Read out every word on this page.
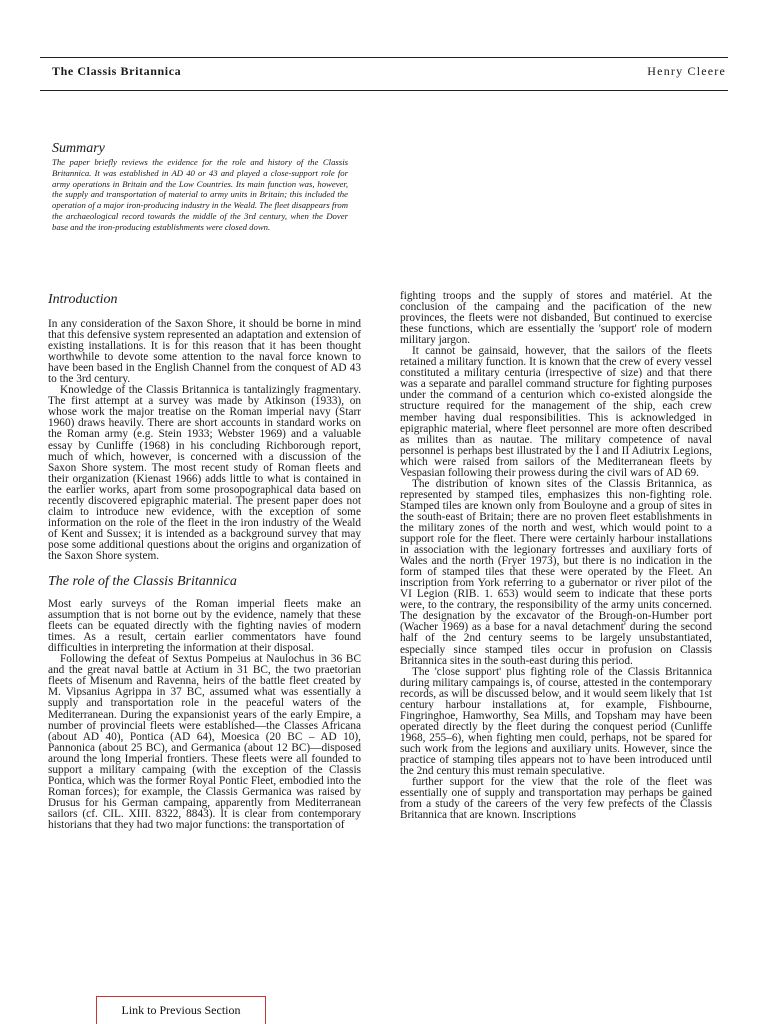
The Classis Britannica	Henry Cleere
Summary

The paper briefly reviews the evidence for the role and history of the Classis Britannica. It was established in AD 40 or 43 and played a close-support role for army operations in Britain and the Low Countries. Its main function was, however, the supply and transportation of material to army units in Britain; this included the operation of a major iron-producing industry in the Weald. The fleet disappears from the archaeological record towards the middle of the 3rd century, when the Dover base and the iron-producing establishments were closed down.

Introduction

In any consideration of the Saxon Shore, it should be borne in mind that this defensive system represented an adaptation and extension of existing installations. It is for this reason that it has been thought worthwhile to devote some attention to the naval force known to have been based in the English Channel from the conquest of AD 43 to the 3rd century.

Knowledge of the Classis Britannica is tantalizingly fragmentary. The first attempt at a survey was made by Atkinson (1933), on whose work the major treatise on the Roman imperial navy (Starr 1960) draws heavily. There are short accounts in standard works on the Roman army (e.g. Stein 1933; Webster 1969) and a valuable essay by Cunliffe (1968) in his concluding Richborough report, much of which, however, is concerned with a discussion of the Saxon Shore system. The most recent study of Roman fleets and their organization (Kienast 1966) adds little to what is contained in the earlier works, apart from some prosopographical data based on recently discovered epigraphic material. The present paper does not claim to introduce new evidence, with the exception of some information on the role of the fleet in the iron industry of the Weald of Kent and Sussex; it is intended as a background survey that may pose some additional questions about the origins and organization of the Saxon Shore system.

The role of the Classis Britannica

Most early surveys of the Roman imperial fleets make an assumption that is not borne out by the evidence, namely that these fleets can be equated directly with the fighting navies of modern times. As a result, certain earlier commentators have found difficulties in interpreting the information at their disposal.

Following the defeat of Sextus Pompeius at Naulochus in 36 BC and the great naval battle at Actium in 31 BC, the two praetorian fleets of Misenum and Ravenna, heirs of the battle fleet created by M. Vipsanius Agrippa in 37 BC, assumed what was essentially a supply and transportation role in the peaceful waters of the Mediterranean. During the expansionist years of the early Empire, a number of provincial fleets were established—the Classes Africana (about AD 40), Pontica (AD 64), Moesica (20 BC – AD 10), Pannonica (about 25 BC), and Germanica (about 12 BC)—disposed around the long Imperial frontiers. These fleets were all founded to support a military campaing (with the exception of the Classis Pontica, which was the former Royal Pontic Fleet, embodied into the Roman forces); for example, the Classis Germanica was raised by Drusus for his German campaing, apparently from Mediterranean sailors (cf. CIL. XIII. 8322, 8843). It is clear from contemporary historians that they had two major functions: the transportation of

fighting troops and the supply of stores and matériel. At the conclusion of the campaing and the pacification of the new provinces, the fleets were not disbanded, But continued to exercise these functions, which are essentially the 'support' role of modern military jargon.

It cannot be gainsaid, however, that the sailors of the fleets retained a military function. It is known that the crew of every vessel constituted a military centuria (irrespective of size) and that there was a separate and parallel command structure for fighting purposes under the command of a centurion which co-existed alongside the structure required for the management of the ship, each crew member having dual responsibilities. This is acknowledged in epigraphic material, where fleet personnel are more often described as milites than as nautae. The military competence of naval personnel is perhaps best illustrated by the I and II Adiutrix Legions, which were raised from sailors of the Mediterranean fleets by Vespasian following their prowess during the civil wars of AD 69.

The distribution of known sites of the Classis Britannica, as represented by stamped tiles, emphasizes this non-fighting role. Stamped tiles are known only from Bouloyne and a group of sites in the south-east of Britain; there are no proven fleet establishments in the military zones of the north and west, which would point to a support role for the fleet. There were certainly harbour installations in association with the legionary fortresses and auxiliary forts of Wales and the north (Fryer 1973), but there is no indication in the form of stamped tiles that these were operated by the Fleet. An inscription from York referring to a gubernator or river pilot of the VI Legion (RIB. 1. 653) would seem to indicate that these ports were, to the contrary, the responsibility of the army units concerned. The designation by the excavator of the Brough-on-Humber port (Wacher 1969) as a base for a naval detachment' during the second half of the 2nd century seems to be largely unsubstantiated, especially since stamped tiles occur in profusion on Classis Britannica sites in the south-east during this period.

The 'close support' plus fighting role of the Classis Britannica during military campaings is, of course, attested in the contemporary records, as will be discussed below, and it would seem likely that 1st century harbour installations at, for example, Fishbourne, Fingringhoe, Hamworthy, Sea Mills, and Topsham may have been operated directly by the fleet during the conquest period (Cunliffe 1968, 255–6), when fighting men could, perhaps, not be spared for such work from the legions and auxiliary units. However, since the practice of stamping tiles appears not to have been introduced until the 2nd century this must remain speculative.

further support for the view that the role of the fleet was essentially one of supply and transportation may perhaps be gained from a study of the careers of the very few prefects of the Classis Britannica that are known. Inscriptions

Link to Previous Section
